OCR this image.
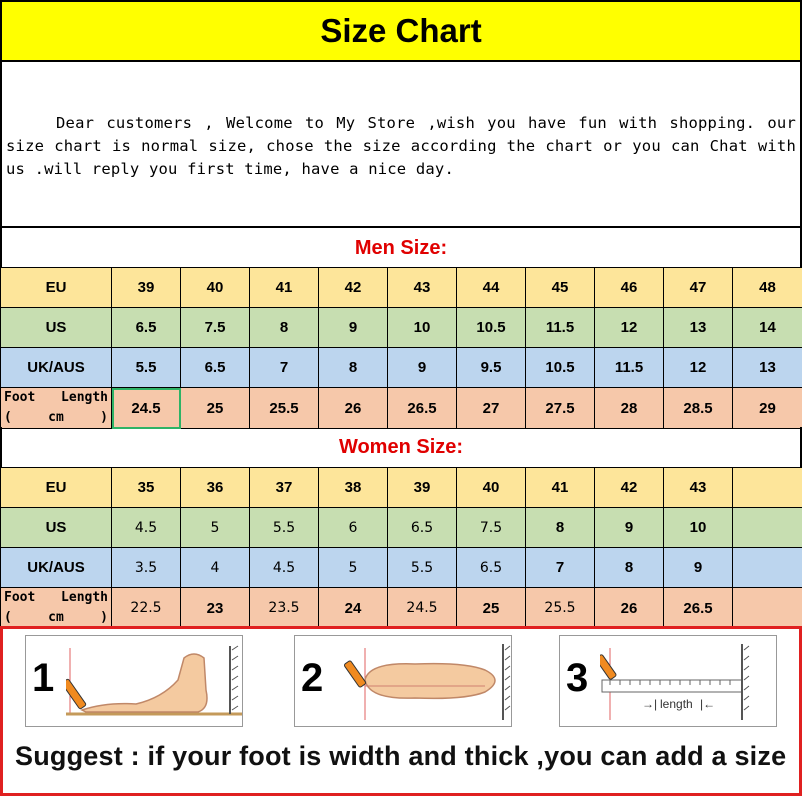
Size Chart
Dear customers , Welcome to My Store ,wish you have fun with shopping. our size chart is normal size, chose the size according the chart or you can Chat with us .will reply you first time, have a nice day.
Men Size:
EU	39	40	41	42	43	44	45	46	47	48
US	6.5	7.5	8	9	10	10.5	11.5	12	13	14
UK/AUS	5.5	6.5	7	8	9	9.5	10.5	11.5	12	13

Foot Length
( cm )	24.5	25	25.5	26	26.5	27	27.5	28	28.5	29
Women Size:
EU	35	36	37	38	39	40	41	42	43	
US	4.5	5	5.5	6	6.5	7.5	8	9	10	
UK/AUS	3.5	4	4.5	5	5.5	6.5	7	8	9	

Foot Length
( cm )	22.5	23	23.5	24	24.5	25	25.5	26	26.5	
1	2	3
→|	|←
length
Suggest : if your foot is width and thick ,you can add a size
